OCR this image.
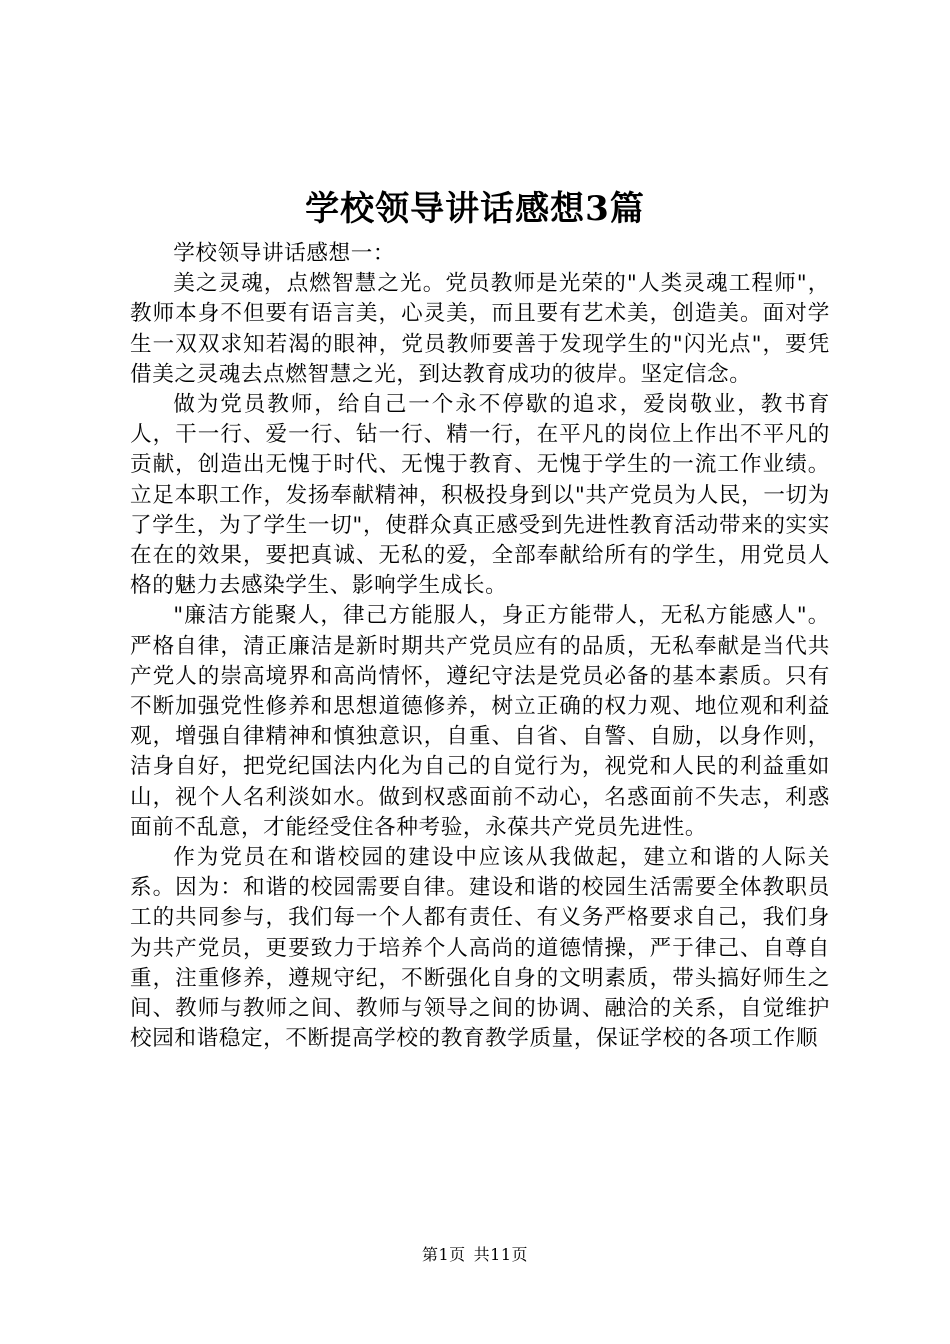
学校领导讲话感想3篇

学校领导讲话感想一：

美之灵魂，点燃智慧之光。党员教师是光荣的"人类灵魂工程师"，教师本身不但要有语言美，心灵美，而且要有艺术美，创造美。面对学生一双双求知若渴的眼神，党员教师要善于发现学生的"闪光点"，要凭借美之灵魂去点燃智慧之光，到达教育成功的彼岸。坚定信念。

做为党员教师，给自己一个永不停歇的追求，爱岗敬业，教书育人，干一行、爱一行、钻一行、精一行，在平凡的岗位上作出不平凡的贡献，创造出无愧于时代、无愧于教育、无愧于学生的一流工作业绩。立足本职工作，发扬奉献精神，积极投身到以"共产党员为人民，一切为了学生，为了学生一切"，使群众真正感受到先进性教育活动带来的实实在在的效果，要把真诚、无私的爱，全部奉献给所有的学生，用党员人格的魅力去感染学生、影响学生成长。

"廉洁方能聚人，律己方能服人，身正方能带人，无私方能感人"。严格自律，清正廉洁是新时期共产党员应有的品质，无私奉献是当代共产党人的崇高境界和高尚情怀，遵纪守法是党员必备的基本素质。只有不断加强党性修养和思想道德修养，树立正确的权力观、地位观和利益观，增强自律精神和慎独意识，自重、自省、自警、自励，以身作则，洁身自好，把党纪国法内化为自己的自觉行为，视党和人民的利益重如山，视个人名利淡如水。做到权惑面前不动心，名惑面前不失志，利惑面前不乱意，才能经受住各种考验，永葆共产党员先进性。

作为党员在和谐校园的建设中应该从我做起，建立和谐的人际关系。因为：和谐的校园需要自律。建设和谐的校园生活需要全体教职员工的共同参与，我们每一个人都有责任、有义务严格要求自己，我们身为共产党员，更要致力于培养个人高尚的道德情操，严于律己、自尊自重，注重修养，遵规守纪，不断强化自身的文明素质，带头搞好师生之间、教师与教师之间、教师与领导之间的协调、融洽的关系，自觉维护校园和谐稳定，不断提高学校的教育教学质量，保证学校的各项工作顺

第1页 共11页
